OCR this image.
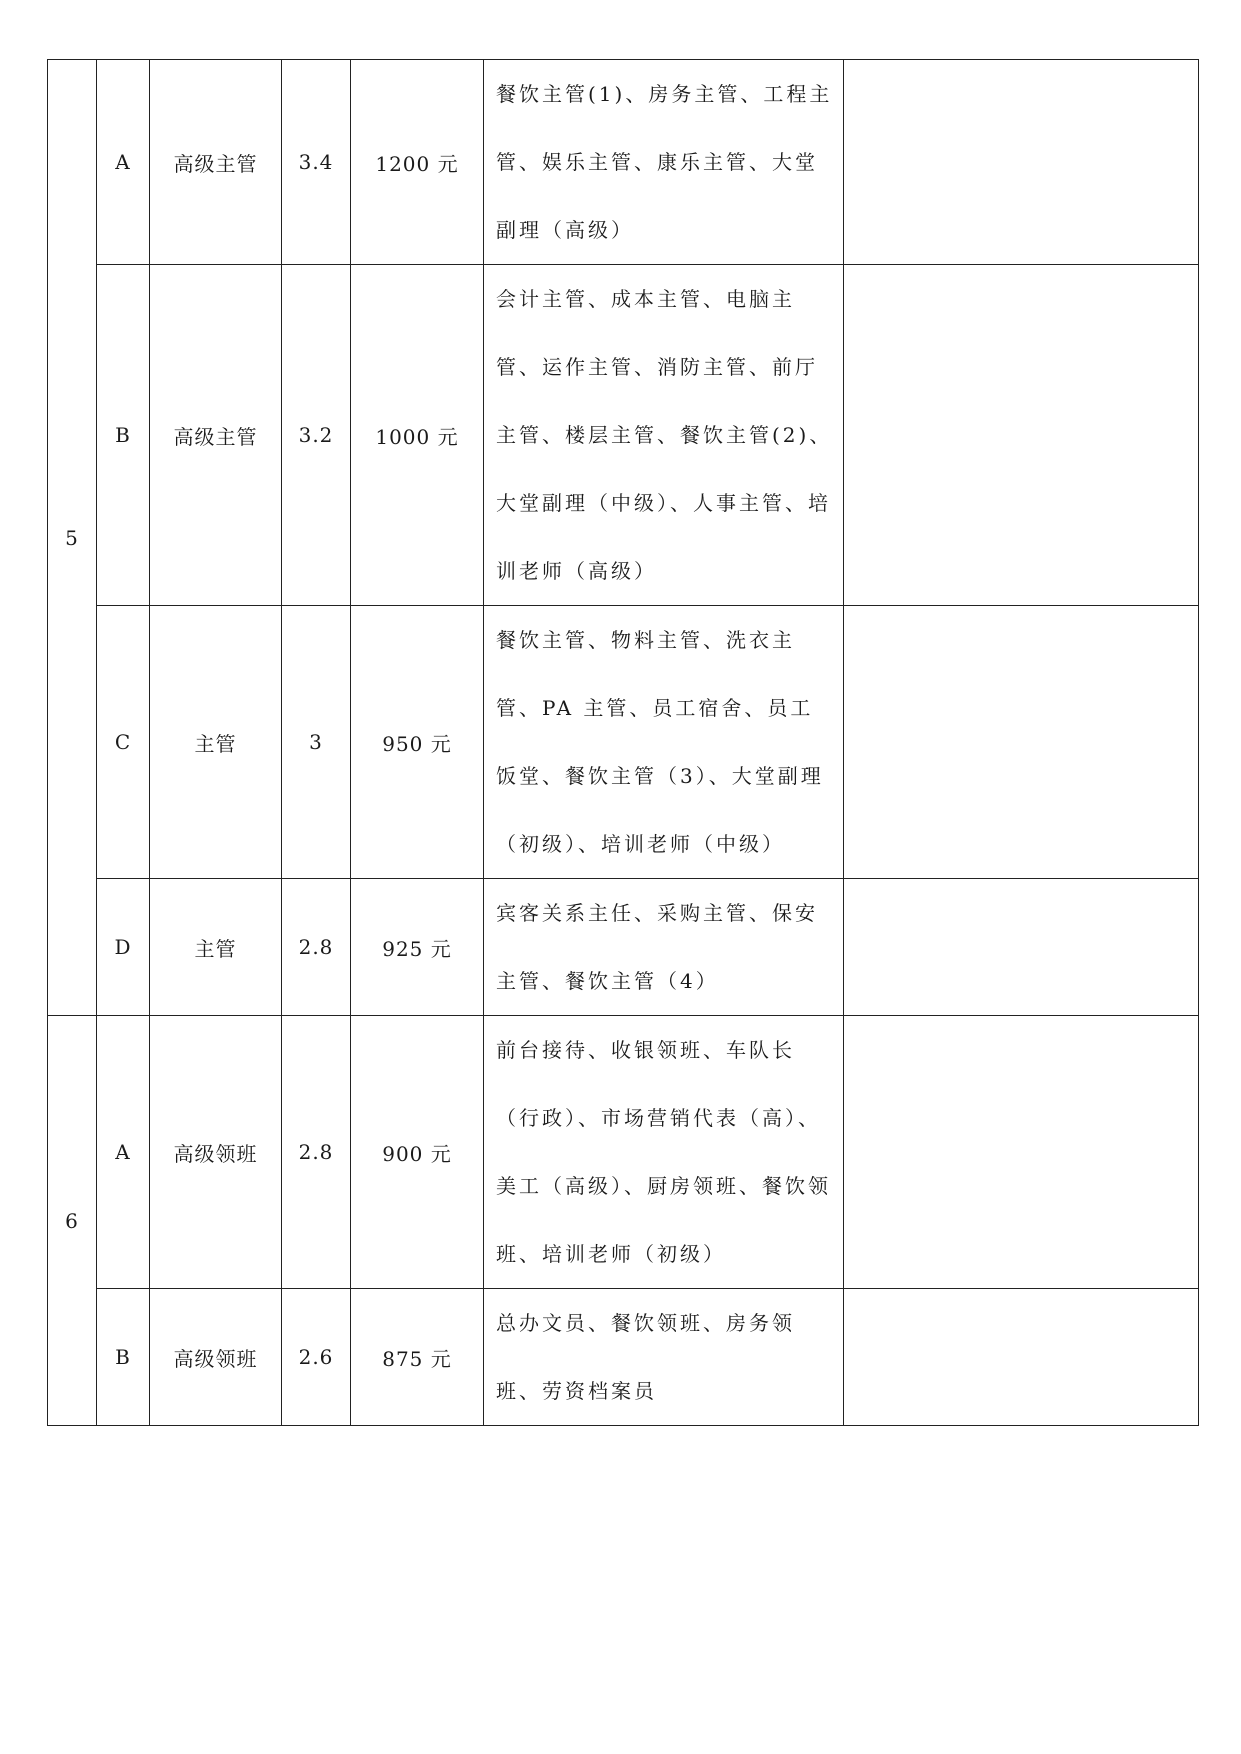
5	A	高级主管	3.4	1200 元	餐饮主管(1)、房务主管、工程主管、娱乐主管、康乐主管、大堂副理（高级）	
	B	高级主管	3.2	1000 元	会计主管、成本主管、电脑主管、运作主管、消防主管、前厅主管、楼层主管、餐饮主管(2)、大堂副理（中级）、人事主管、培训老师（高级）	
	C	主管	3	950 元	餐饮主管、物料主管、洗衣主管、PA 主管、员工宿舍、员工饭堂、餐饮主管（3）、大堂副理（初级）、培训老师（中级）	
	D	主管	2.8	925 元	宾客关系主任、采购主管、保安主管、餐饮主管（4）	
6	A	高级领班	2.8	900 元	前台接待、收银领班、车队长（行政）、市场营销代表（高）、美工（高级）、厨房领班、餐饮领班、培训老师（初级）	
	B	高级领班	2.6	875 元	总办文员、餐饮领班、房务领班、劳资档案员	
